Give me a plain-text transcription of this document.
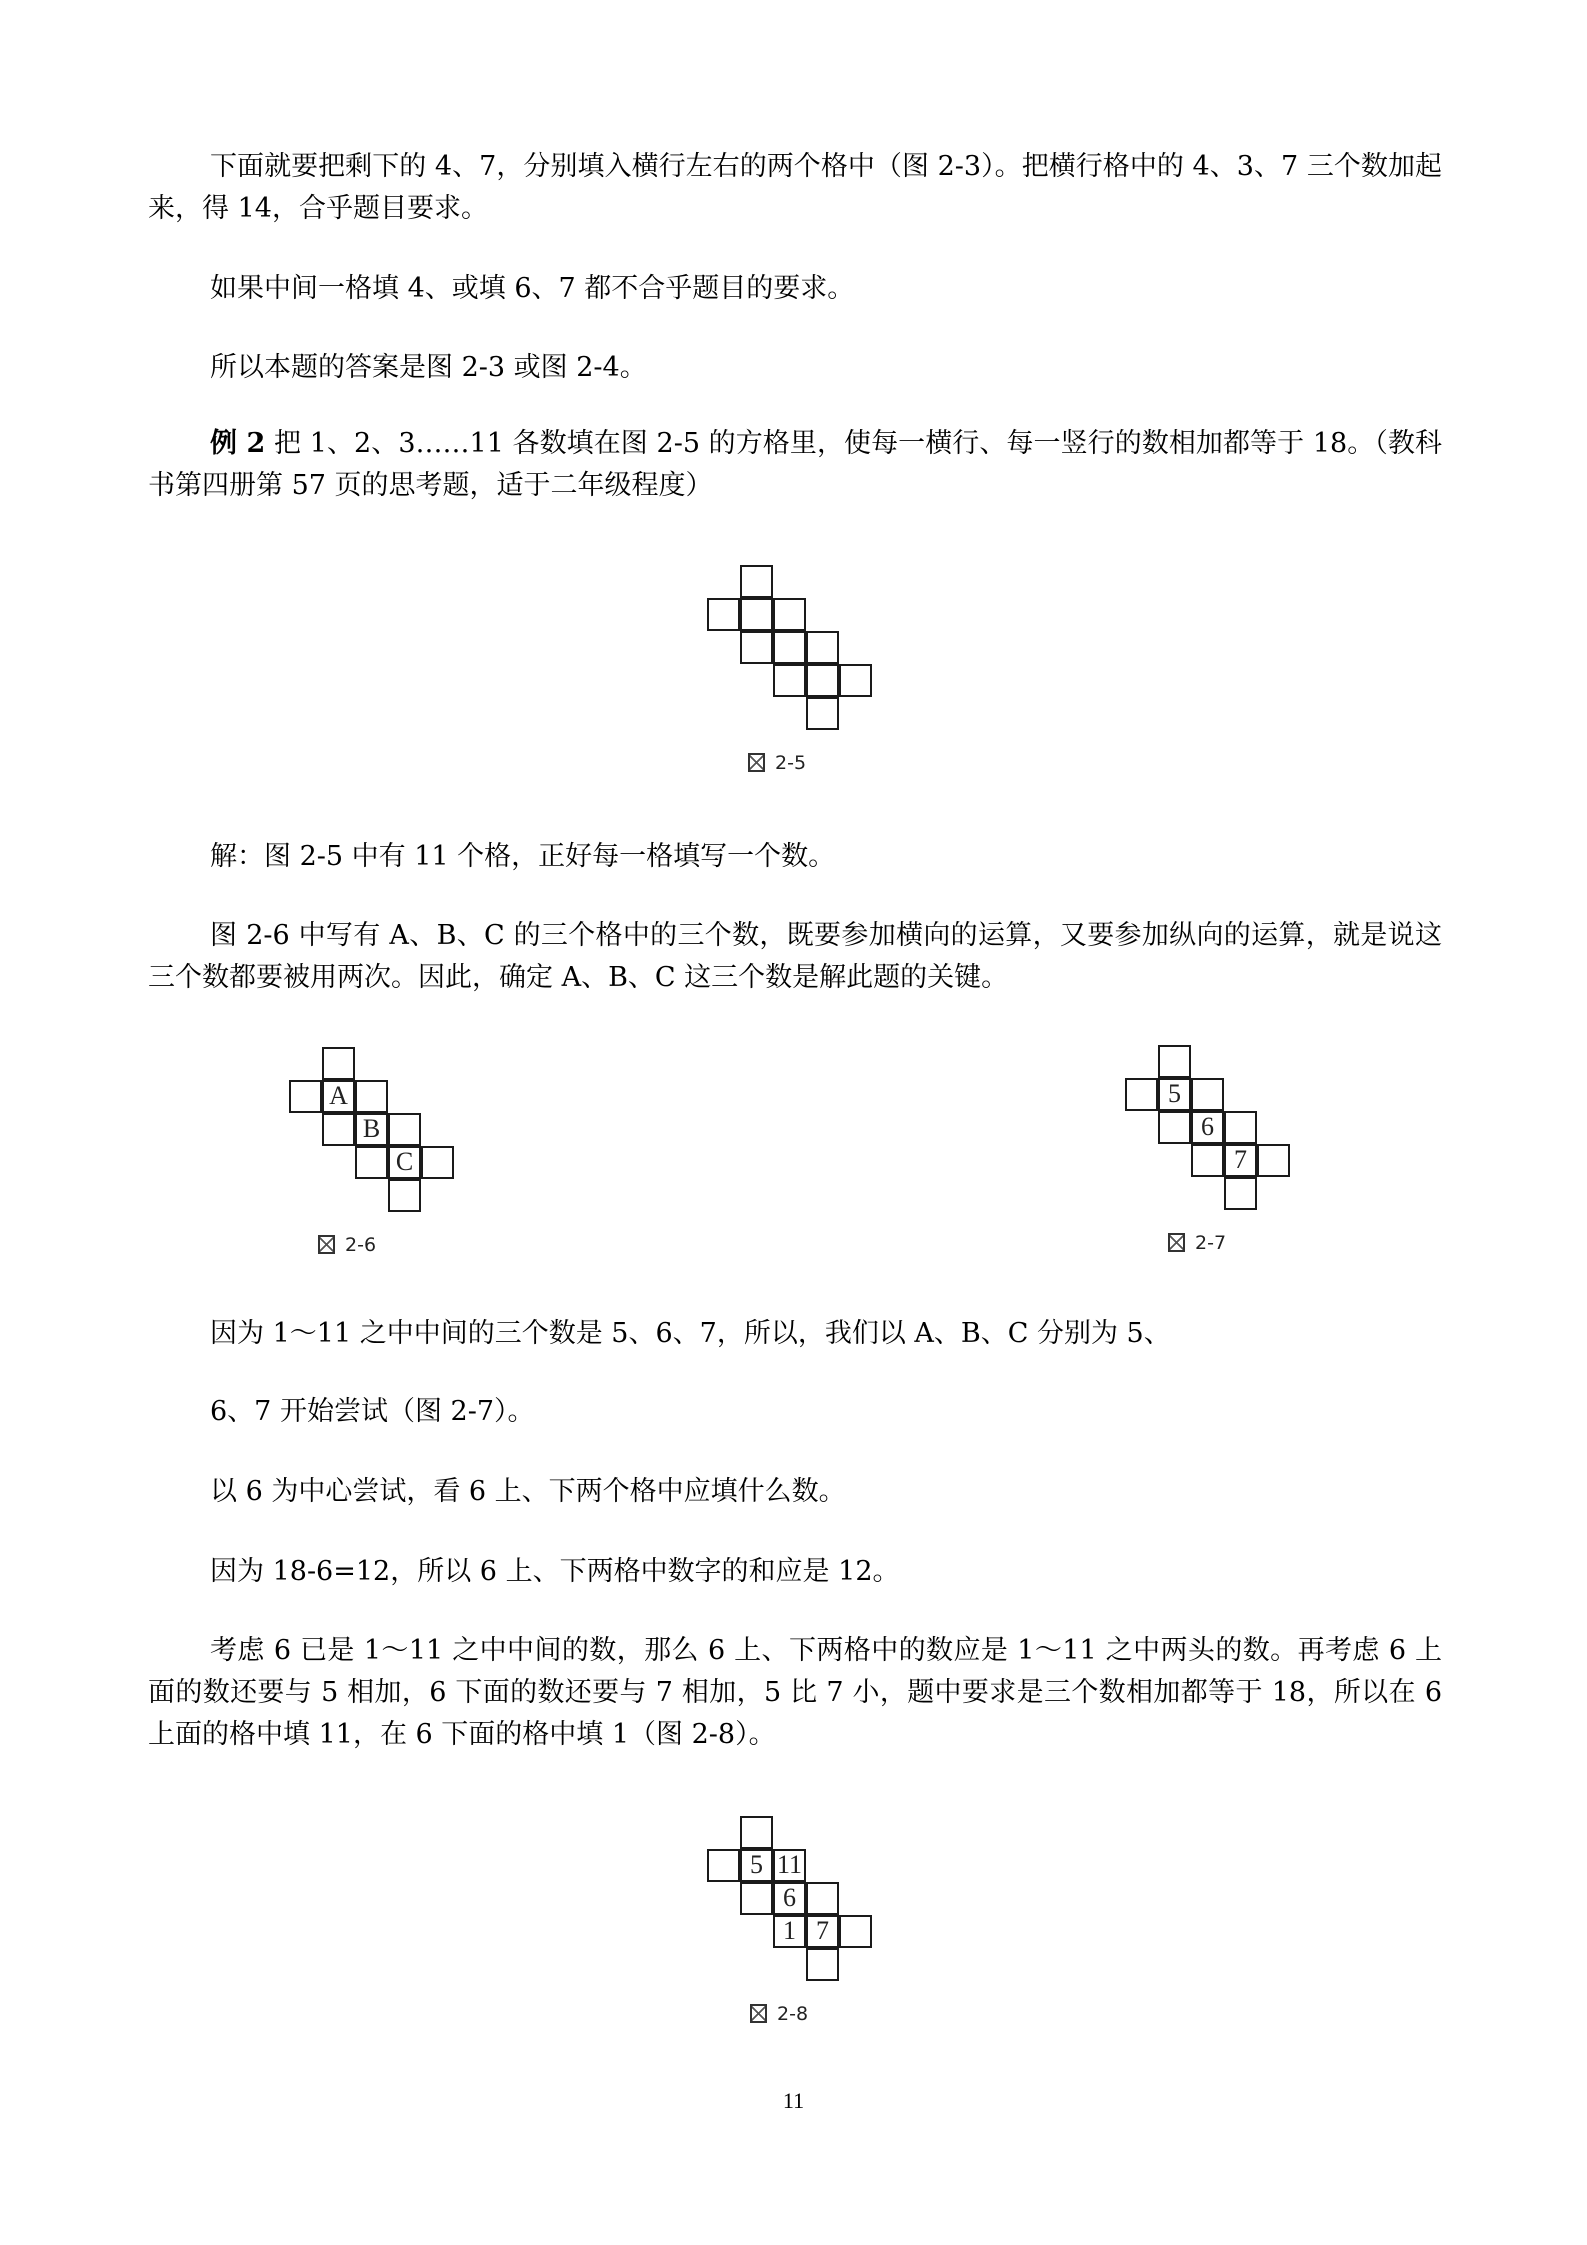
下面就要把剩下的 4、7，分别填入横行左右的两个格中（图 2-3）。把横行格中的 4、3、7 三个数加起来，得 14，合乎题目要求。

如果中间一格填 4、或填 6、7 都不合乎题目的要求。

所以本题的答案是图 2-3 或图 2-4。

例 2 把 1、2、3……11 各数填在图 2-5 的方格里，使每一横行、每一竖行的数相加都等于 18。（教科书第四册第 57 页的思考题，适于二年级程度）

2-5

解：图 2-5 中有 11 个格，正好每一格填写一个数。

图 2-6 中写有 A、B、C 的三个格中的三个数，既要参加横向的运算，又要参加纵向的运算，就是说这三个数都要被用两次。因此，确定 A、B、C 这三个数是解此题的关键。

A
B
C
2-6
5
6
7
2-7

因为 1～11 之中中间的三个数是 5、6、7，所以，我们以 A、B、C 分别为 5、

6、7 开始尝试（图 2-7）。

以 6 为中心尝试，看 6 上、下两个格中应填什么数。

因为 18-6=12，所以 6 上、下两格中数字的和应是 12。

考虑 6 已是 1～11 之中中间的数，那么 6 上、下两格中的数应是 1～11 之中两头的数。再考虑 6 上面的数还要与 5 相加，6 下面的数还要与 7 相加，5 比 7 小，题中要求是三个数相加都等于 18，所以在 6 上面的格中填 11，在 6 下面的格中填 1（图 2-8）。

5 11
6
1 7
2-8
11
